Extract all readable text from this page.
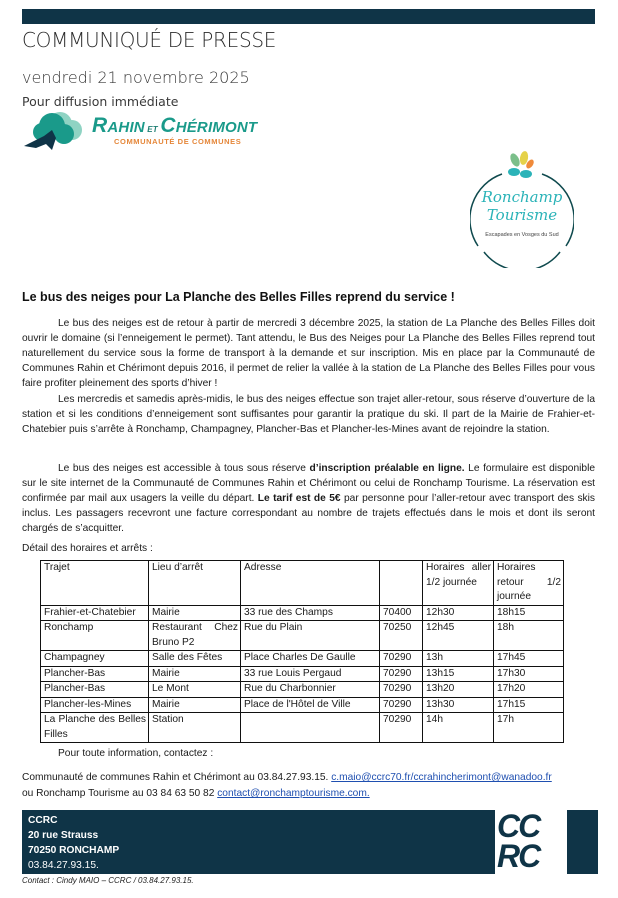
COMMUNIQUÉ DE PRESSE
vendredi 21 novembre 2025
Pour diffusion immédiate
RAHIN ET CHÉRIMONT
COMMUNAUTÉ DE COMMUNES
Ronchamp
Tourisme
Escapades en Vosges du Sud
Le bus des neiges pour La Planche des Belles Filles reprend du service !
Le bus des neiges est de retour à partir de mercredi 3 décembre 2025, la station de La Planche des Belles Filles doit ouvrir le domaine (si l’enneigement le permet). Tant attendu, le Bus des Neiges pour La Planche des Belles Filles reprend tout naturellement du service sous la forme de transport à la demande et sur inscription. Mis en place par la Communauté de Communes Rahin et Chérimont depuis 2016, il permet de relier la vallée à la station de La Planche des Belles Filles pour vous faire profiter pleinement des sports d’hiver !
Les mercredis et samedis après-midis, le bus des neiges effectue son trajet aller-retour, sous réserve d’ouverture de la station et si les conditions d’enneigement sont suffisantes pour garantir la pratique du ski. Il part de la Mairie de Frahier-et-Chatebier puis s’arrête à Ronchamp, Champagney, Plancher-Bas et Plancher-les-Mines avant de rejoindre la station.
Le bus des neiges est accessible à tous sous réserve d’inscription préalable en ligne. Le formulaire est disponible sur le site internet de la Communauté de Communes Rahin et Chérimont ou celui de Ronchamp Tourisme. La réservation est confirmée par mail aux usagers la veille du départ. Le tarif est de 5€ par personne pour l’aller-retour avec transport des skis inclus. Les passagers recevront une facture correspondant au nombre de trajets effectués dans le mois et dont ils seront chargés de s’acquitter.
Détail des horaires et arrêts :
Trajet	Lieu d’arrêt	Adresse		Horaires aller 1/2 journée	Horaires retour 1/2 journée
Frahier-et-Chatebier	Mairie	33 rue des Champs	70400	12h30	18h15
Ronchamp	Restaurant Chez Bruno P2	Rue du Plain	70250	12h45	18h
Champagney	Salle des Fêtes	Place Charles De Gaulle	70290	13h	17h45
Plancher-Bas	Mairie	33 rue Louis Pergaud	70290	13h15	17h30
Plancher-Bas	Le Mont	Rue du Charbonnier	70290	13h20	17h20
Plancher-les-Mines	Mairie	Place de l'Hôtel de Ville	70290	13h30	17h15
La Planche des Belles Filles	Station		70290	14h	17h
Pour toute information, contactez :
Communauté de communes Rahin et Chérimont au 03.84.27.93.15. c.maio@ccrc70.fr/ccrahincherimont@wanadoo.fr
ou Ronchamp Tourisme au 03 84 63 50 82 contact@ronchamptourisme.com.
CCRC
20 rue Strauss
70250 RONCHAMP
03.84.27.93.15.
CC
RC
Contact : Cindy MAIO – CCRC / 03.84.27.93.15.
